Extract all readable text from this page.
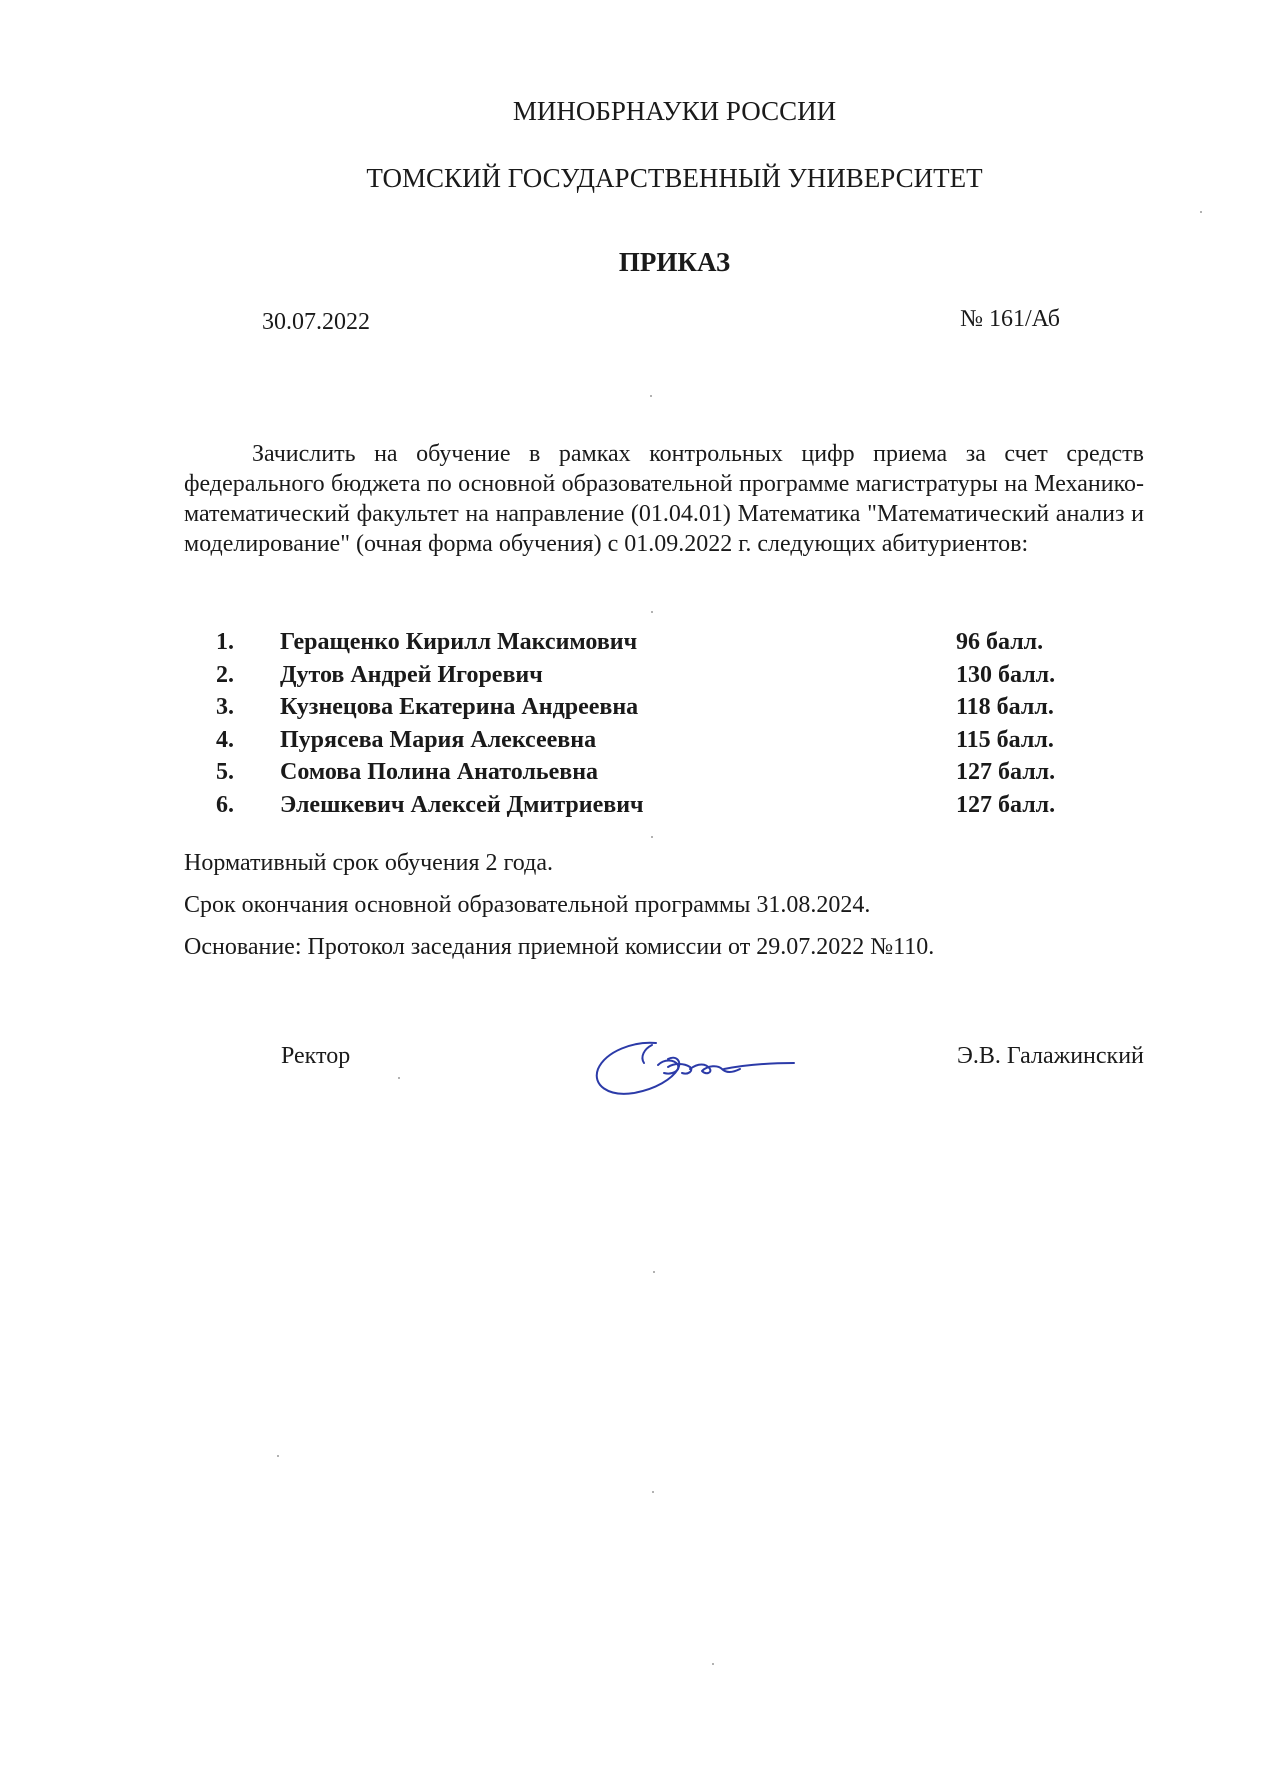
МИНОБРНАУКИ РОССИИ
ТОМСКИЙ ГОСУДАРСТВЕННЫЙ УНИВЕРСИТЕТ
ПРИКАЗ
30.07.2022	№ 161/Аб
Зачислить на обучение в рамках контрольных цифр приема за счет средств федерального бюджета по основной образовательной программе магистратуры на Механико-математический факультет на направление (01.04.01) Математика "Математический анализ и моделирование" (очная форма обучения) с 01.09.2022 г. следующих абитуриентов:
1. Геращенко Кирилл Максимович	96 балл.
2. Дутов Андрей Игоревич	130 балл.
3. Кузнецова Екатерина Андреевна	118 балл.
4. Пурясева Мария Алексеевна	115 балл.
5. Сомова Полина Анатольевна	127 балл.
6. Элешкевич Алексей Дмитриевич	127 балл.
Нормативный срок обучения 2 года.
Срок окончания основной образовательной программы 31.08.2024.
Основание: Протокол заседания приемной комиссии от 29.07.2022 №110.
Ректор	Э.В. Галажинский
